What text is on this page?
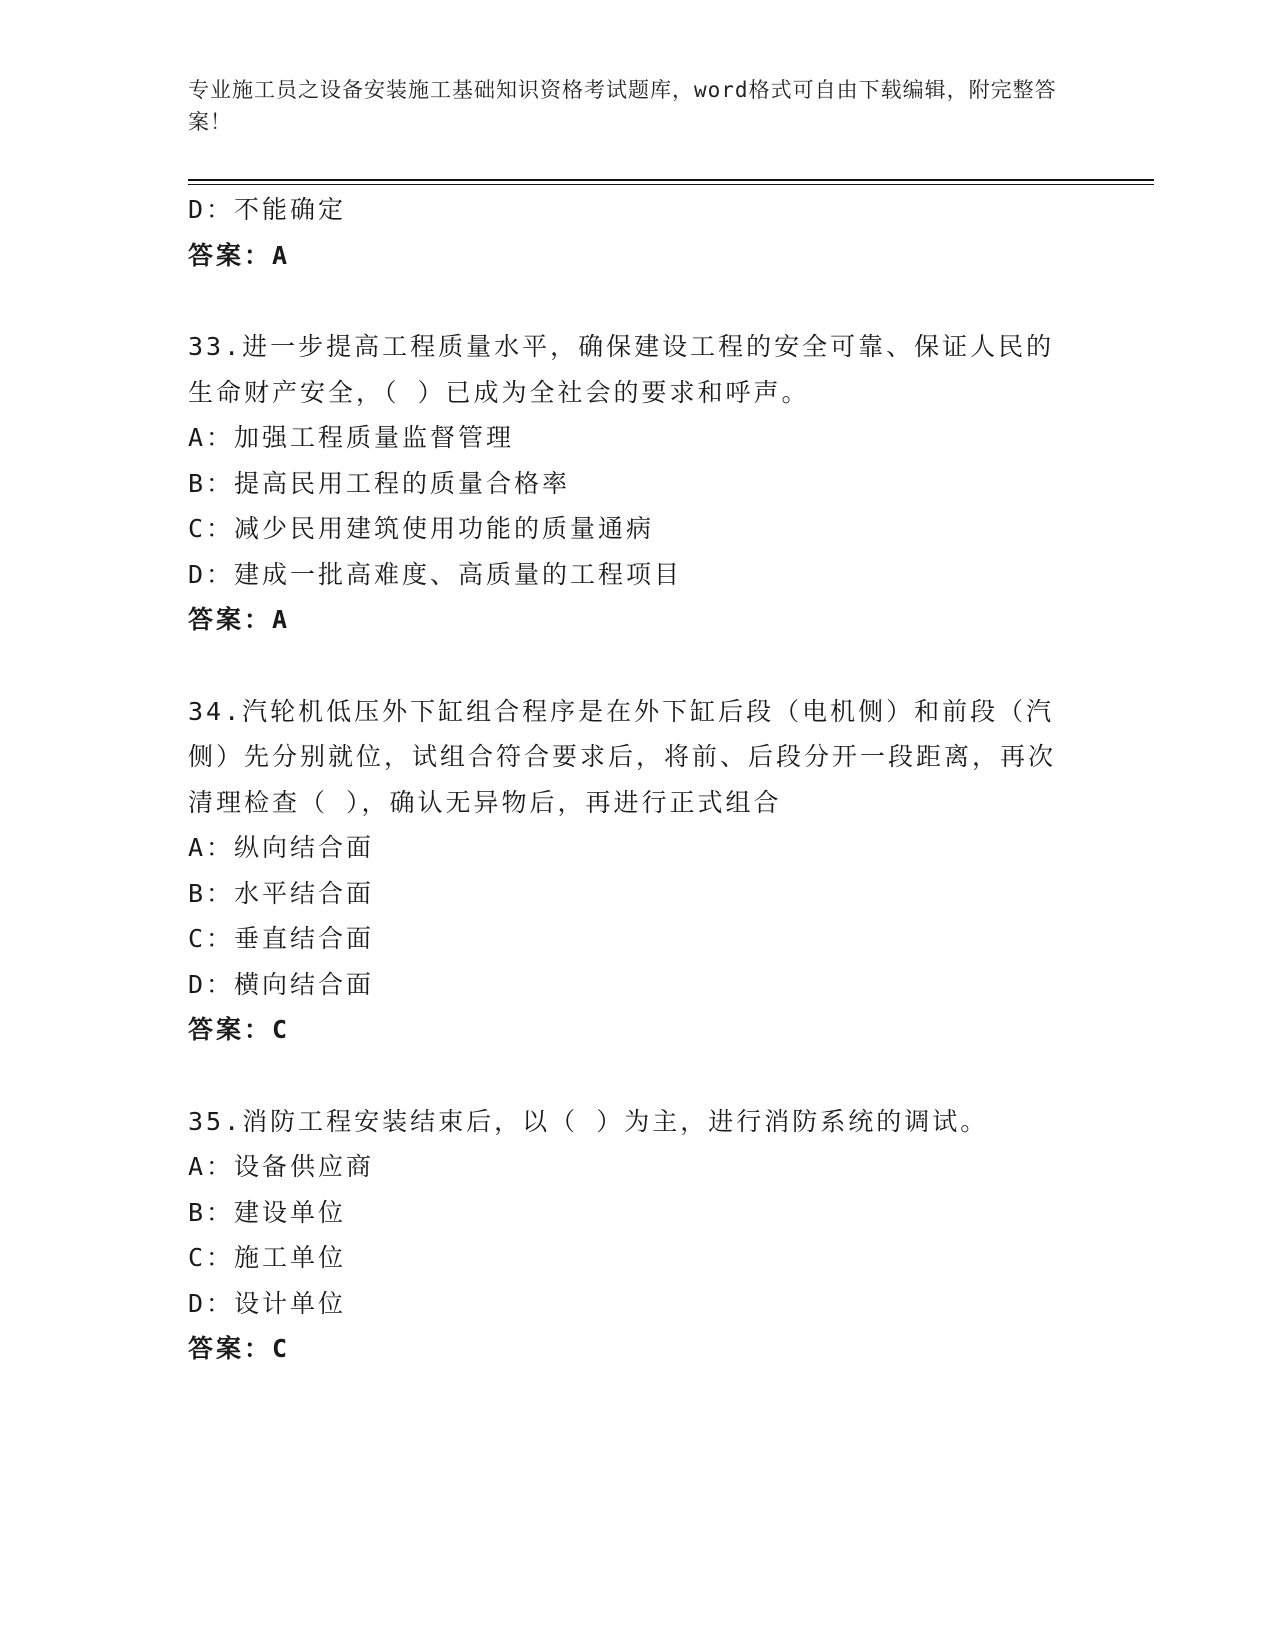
专业施工员之设备安装施工基础知识资格考试题库，word格式可自由下载编辑，附完整答案！
D：不能确定
答案：A
33.进一步提高工程质量水平，确保建设工程的安全可靠、保证人民的生命财产安全，（ ）已成为全社会的要求和呼声。
A：加强工程质量监督管理
B：提高民用工程的质量合格率
C：减少民用建筑使用功能的质量通病
D：建成一批高难度、高质量的工程项目
答案：A
34.汽轮机低压外下缸组合程序是在外下缸后段（电机侧）和前段（汽侧）先分别就位，试组合符合要求后，将前、后段分开一段距离，再次清理检查（ ），确认无异物后，再进行正式组合
A：纵向结合面
B：水平结合面
C：垂直结合面
D：横向结合面
答案：C
35.消防工程安装结束后，以（ ）为主，进行消防系统的调试。
A：设备供应商
B：建设单位
C：施工单位
D：设计单位
答案：C
